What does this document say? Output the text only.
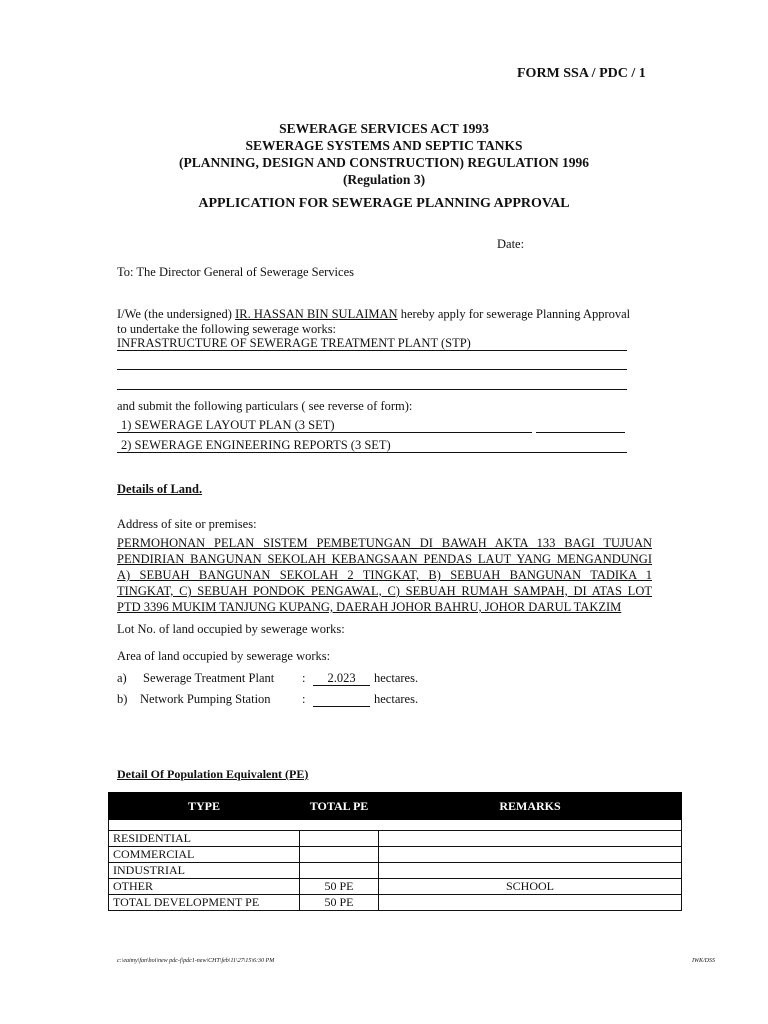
FORM SSA / PDC / 1
SEWERAGE SERVICES ACT 1993
SEWERAGE SYSTEMS AND SEPTIC TANKS
(PLANNING, DESIGN AND CONSTRUCTION) REGULATION 1996
(Regulation 3)
APPLICATION FOR SEWERAGE PLANNING APPROVAL
Date:
To: The Director General of Sewerage Services
I/We (the undersigned) IR. HASSAN BIN SULAIMAN hereby apply for sewerage Planning Approval
to undertake the following sewerage works:
INFRASTRUCTURE OF SEWERAGE TREATMENT PLANT (STP)
and submit the following particulars ( see reverse of form):
1) SEWERAGE LAYOUT PLAN (3 SET)
2) SEWERAGE ENGINEERING REPORTS (3 SET)
Details of Land.
Address of site or premises:
PERMOHONAN PELAN SISTEM PEMBETUNGAN DI BAWAH AKTA 133 BAGI TUJUAN
PENDIRIAN BANGUNAN SEKOLAH KEBANGSAAN PENDAS LAUT YANG MENGANDUNGI
A) SEBUAH BANGUNAN SEKOLAH 2 TINGKAT, B) SEBUAH BANGUNAN TADIKA 1
TINGKAT, C) SEBUAH PONDOK PENGAWAL, C) SEBUAH RUMAH SAMPAH, DI ATAS LOT
PTD 3396 MUKIM TANJUNG KUPANG, DAERAH JOHOR BAHRU, JOHOR DARUL TAKZIM
Lot No. of land occupied by sewerage works:
Area of land occupied by sewerage works:
a) Sewerage Treatment Plant :	2.023	hectares.
b) Network Pumping Station	:	hectares.
Detail Of Population Equivalent (PE)
TYPE	TOTAL PE	REMARKS

RESIDENTIAL		
COMMERCIAL		
INDUSTRIAL		
OTHER	50 PE	SCHOOL
TOTAL DEVELOPMENT PE	50 PE	
c:\eaimy\fan\hoi\new pdc-f\pdc1-new\CHT\feb\11\27\15\6:30 PM	IWK/DSS
